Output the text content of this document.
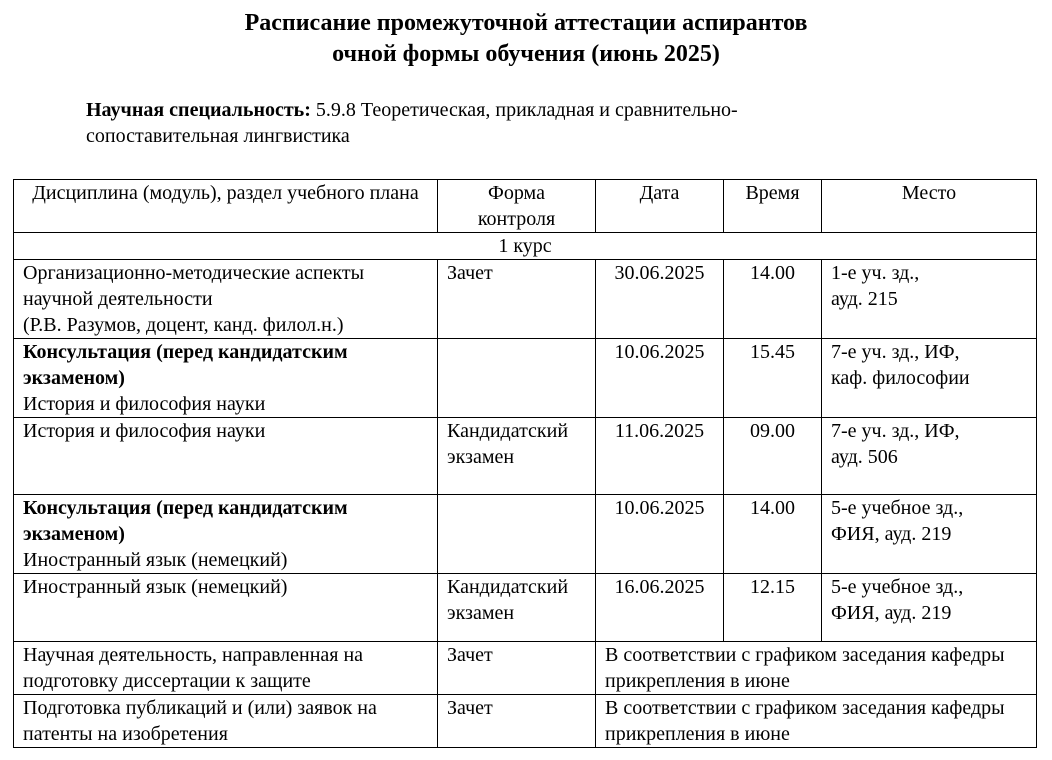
Расписание промежуточной аттестации аспирантов
очной формы обучения (июнь 2025)
Научная специальность: 5.9.8 Теоретическая, прикладная и сравнительно-
сопоставительная лингвистика
Дисциплина (модуль), раздел учебного плана	Форма контроля	Дата	Время	Место
1 курс				

Организационно-методические аспекты научной деятельности
(Р.В. Разумов, доцент, канд. филол.н.)	Зачет	30.06.2025	14.00	1-е уч. зд.,
ауд. 215

Консультация (перед кандидатским экзаменом)
История и философия науки		10.06.2025	15.45	7-е уч. зд., ИФ,
каф. философии

История и философия науки	Кандидатский экзамен	11.06.2025	09.00	7-е уч. зд., ИФ,
ауд. 506

Консультация (перед кандидатским экзаменом)
Иностранный язык (немецкий)		10.06.2025	14.00	5-е учебное зд.,
ФИЯ, ауд. 219

Иностранный язык (немецкий)	Кандидатский экзамен	16.06.2025	12.15	5-е учебное зд.,
ФИЯ, ауд. 219

Научная деятельность, направленная на подготовку диссертации к защите	Зачет	В соответствии с графиком заседания кафедры прикрепления в июне		
Подготовка публикаций и (или) заявок на патенты на изобретения	Зачет	В соответствии с графиком заседания кафедры прикрепления в июне		
